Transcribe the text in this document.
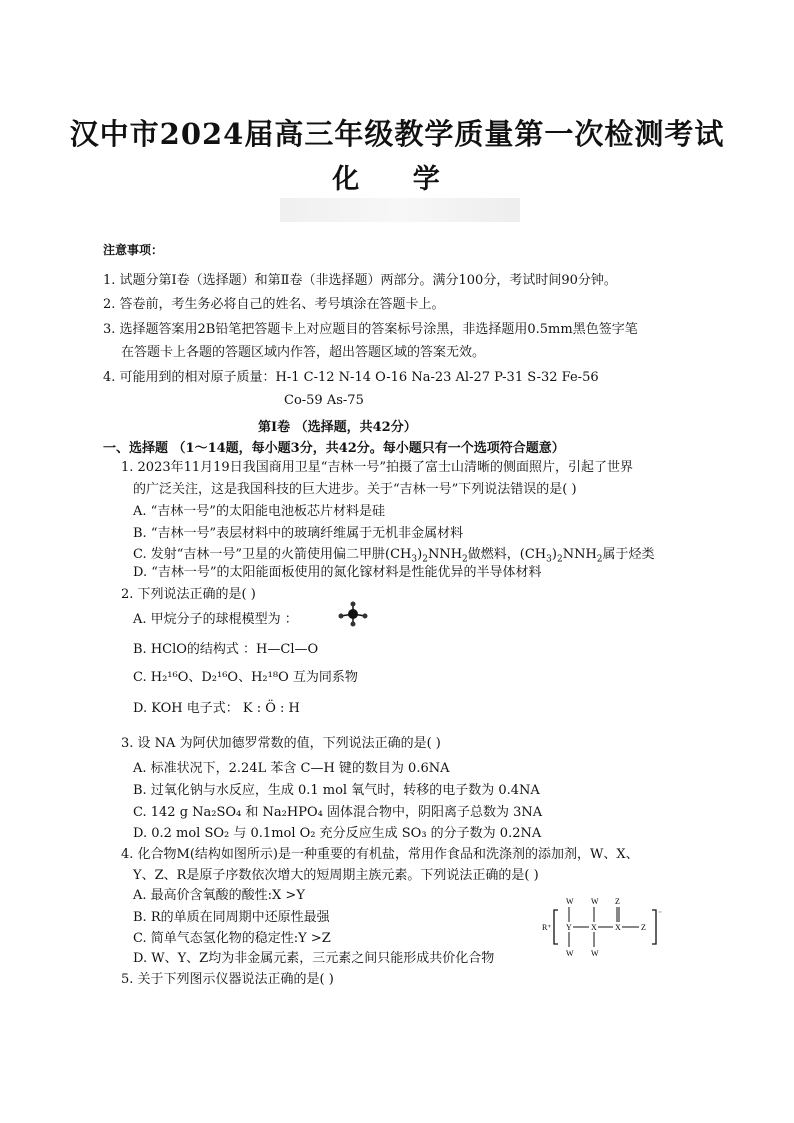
汉中市2024届高三年级教学质量第一次检测考试
化 学
注意事项：
1. 试题分第Ⅰ卷（选择题）和第Ⅱ卷（非选择题）两部分。满分100分，考试时间90分钟。
2. 答卷前，考生务必将自己的姓名、考号填涂在答题卡上。
3. 选择题答案用2B铅笔把答题卡上对应题目的答案标号涂黑，非选择题用0.5mm黑色签字笔
在答题卡上各题的答题区域内作答，超出答题区域的答案无效。
4. 可能用到的相对原子质量：H-1 C-12 N-14 O-16 Na-23 Al-27 P-31 S-32 Fe-56
Co-59 As-75
第Ⅰ卷 （选择题，共42分）
一、选择题 （1～14题，每小题3分，共42分。每小题只有一个选项符合题意）
1. 2023年11月19日我国商用卫星“吉林一号”拍摄了富士山清晰的侧面照片，引起了世界
的广泛关注，这是我国科技的巨大进步。关于“吉林一号”下列说法错误的是( )
A. “吉林一号”的太阳能电池板芯片材料是硅
B. “吉林一号”表层材料中的玻璃纤维属于无机非金属材料
C. 发射“吉林一号”卫星的火箭使用偏二甲肼$(CH_3)_2NNH_2$做燃料，$(CH_3)_2NNH_2$属于烃类
D. “吉林一号”的太阳能面板使用的氮化镓材料是性能优异的半导体材料
2. 下列说法正确的是( )
A. 甲烷分子的球棍模型为 ：
B. HClO的结构式 ：H—Cl—O
C. H₂¹⁶O、D₂¹⁶O、H₂¹⁸O 互为同系物
D. KOH 电子式： K : Ö : H
3. 设 NA 为阿伏加德罗常数的值，下列说法正确的是( )
A. 标准状况下，2.24L 苯含 C—H 键的数目为 0.6NA
B. 过氧化钠与水反应，生成 0.1 mol 氧气时，转移的电子数为 0.4NA
C. 142 g Na₂SO₄ 和 Na₂HPO₄ 固体混合物中，阴阳离子总数为 3NA
D. 0.2 mol SO₂ 与 0.1mol O₂ 充分反应生成 SO₃ 的分子数为 0.2NA
4. 化合物M(结构如图所示)是一种重要的有机盐，常用作食品和洗涤剂的添加剂，W、X、
Y、Z、R是原子序数依次增大的短周期主族元素。下列说法正确的是( )
A. 最高价含氧酸的酸性:X >Y
B. R的单质在同周期中还原性最强
C. 简单气态氢化物的稳定性:Y >Z
D. W、Y、Z均为非金属元素，三元素之间只能形成共价化合物
R⁺
⁻
W W Z
Y X X	Z
W W
5. 关于下列图示仪器说法正确的是( )
